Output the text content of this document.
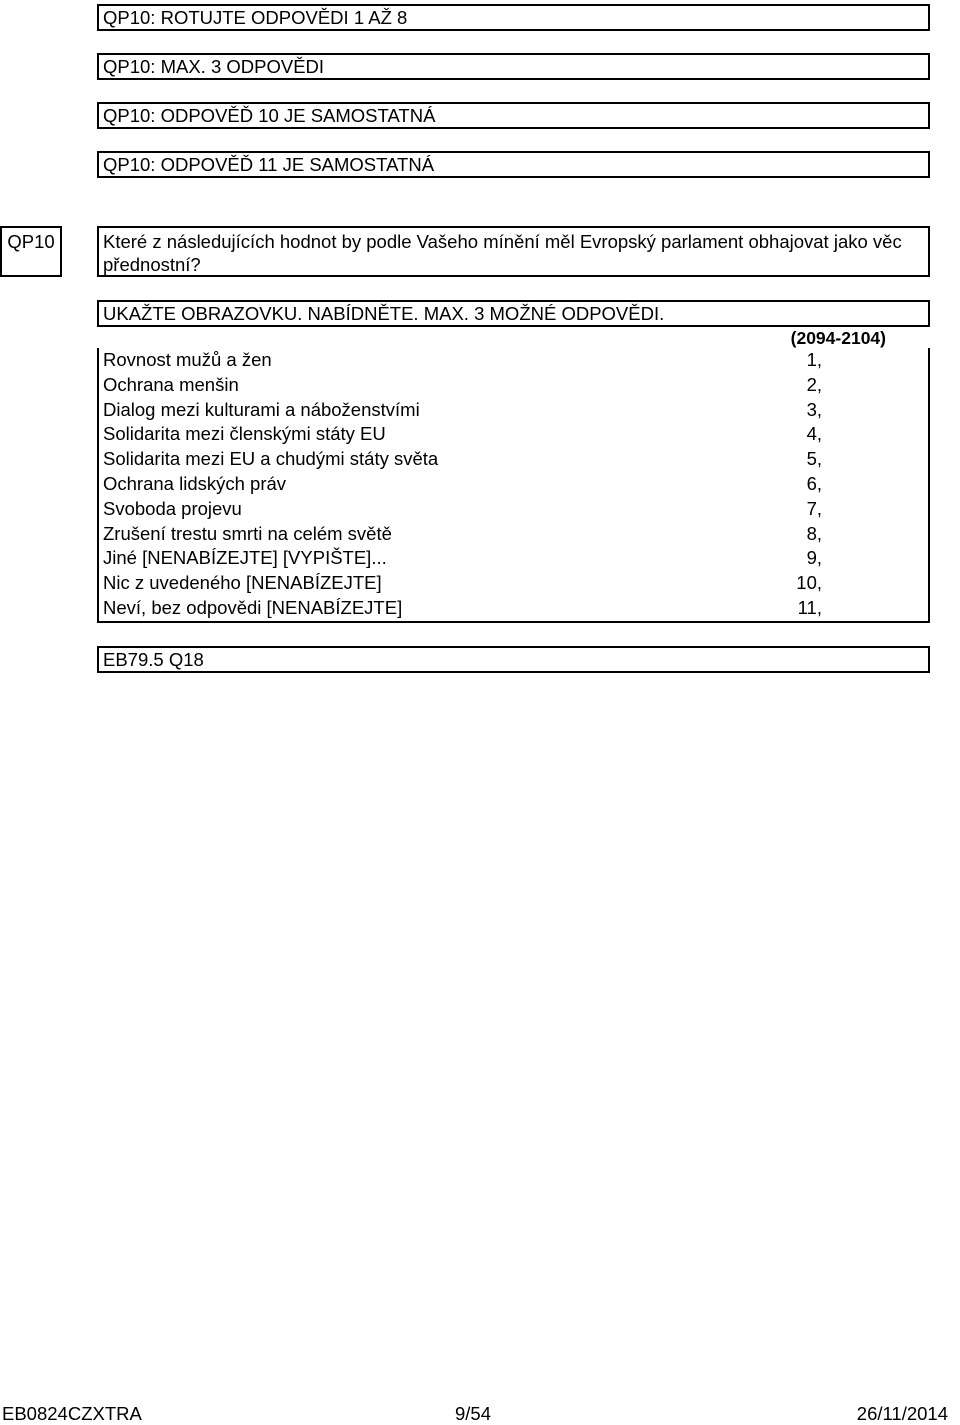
QP10: ROTUJTE ODPOVĚDI 1 AŽ 8
QP10: MAX. 3 ODPOVĚDI
QP10: ODPOVĚĎ 10 JE SAMOSTATNÁ
QP10: ODPOVĚĎ 11 JE SAMOSTATNÁ
QP10	Které z následujících hodnot by podle Vašeho mínění měl Evropský parlament obhajovat jako věc přednostní?
UKAŽTE OBRAZOVKU. NABÍDNĚTE. MAX. 3 MOŽNÉ ODPOVĚDI.
(2094-2104)
Rovnost mužů a žen	1,
Ochrana menšin	2,
Dialog mezi kulturami a náboženstvími	3,
Solidarita mezi členskými státy EU	4,
Solidarita mezi EU a chudými státy světa	5,
Ochrana lidských práv	6,
Svoboda projevu	7,
Zrušení trestu smrti na celém světě	8,
Jiné [NENABÍZEJTE] [VYPIŠTE]...	9,
Nic z uvedeného [NENABÍZEJTE]	10,
Neví, bez odpovědi [NENABÍZEJTE]	11,
EB79.5 Q18
EB0824CZXTRA	9/54	26/11/2014
